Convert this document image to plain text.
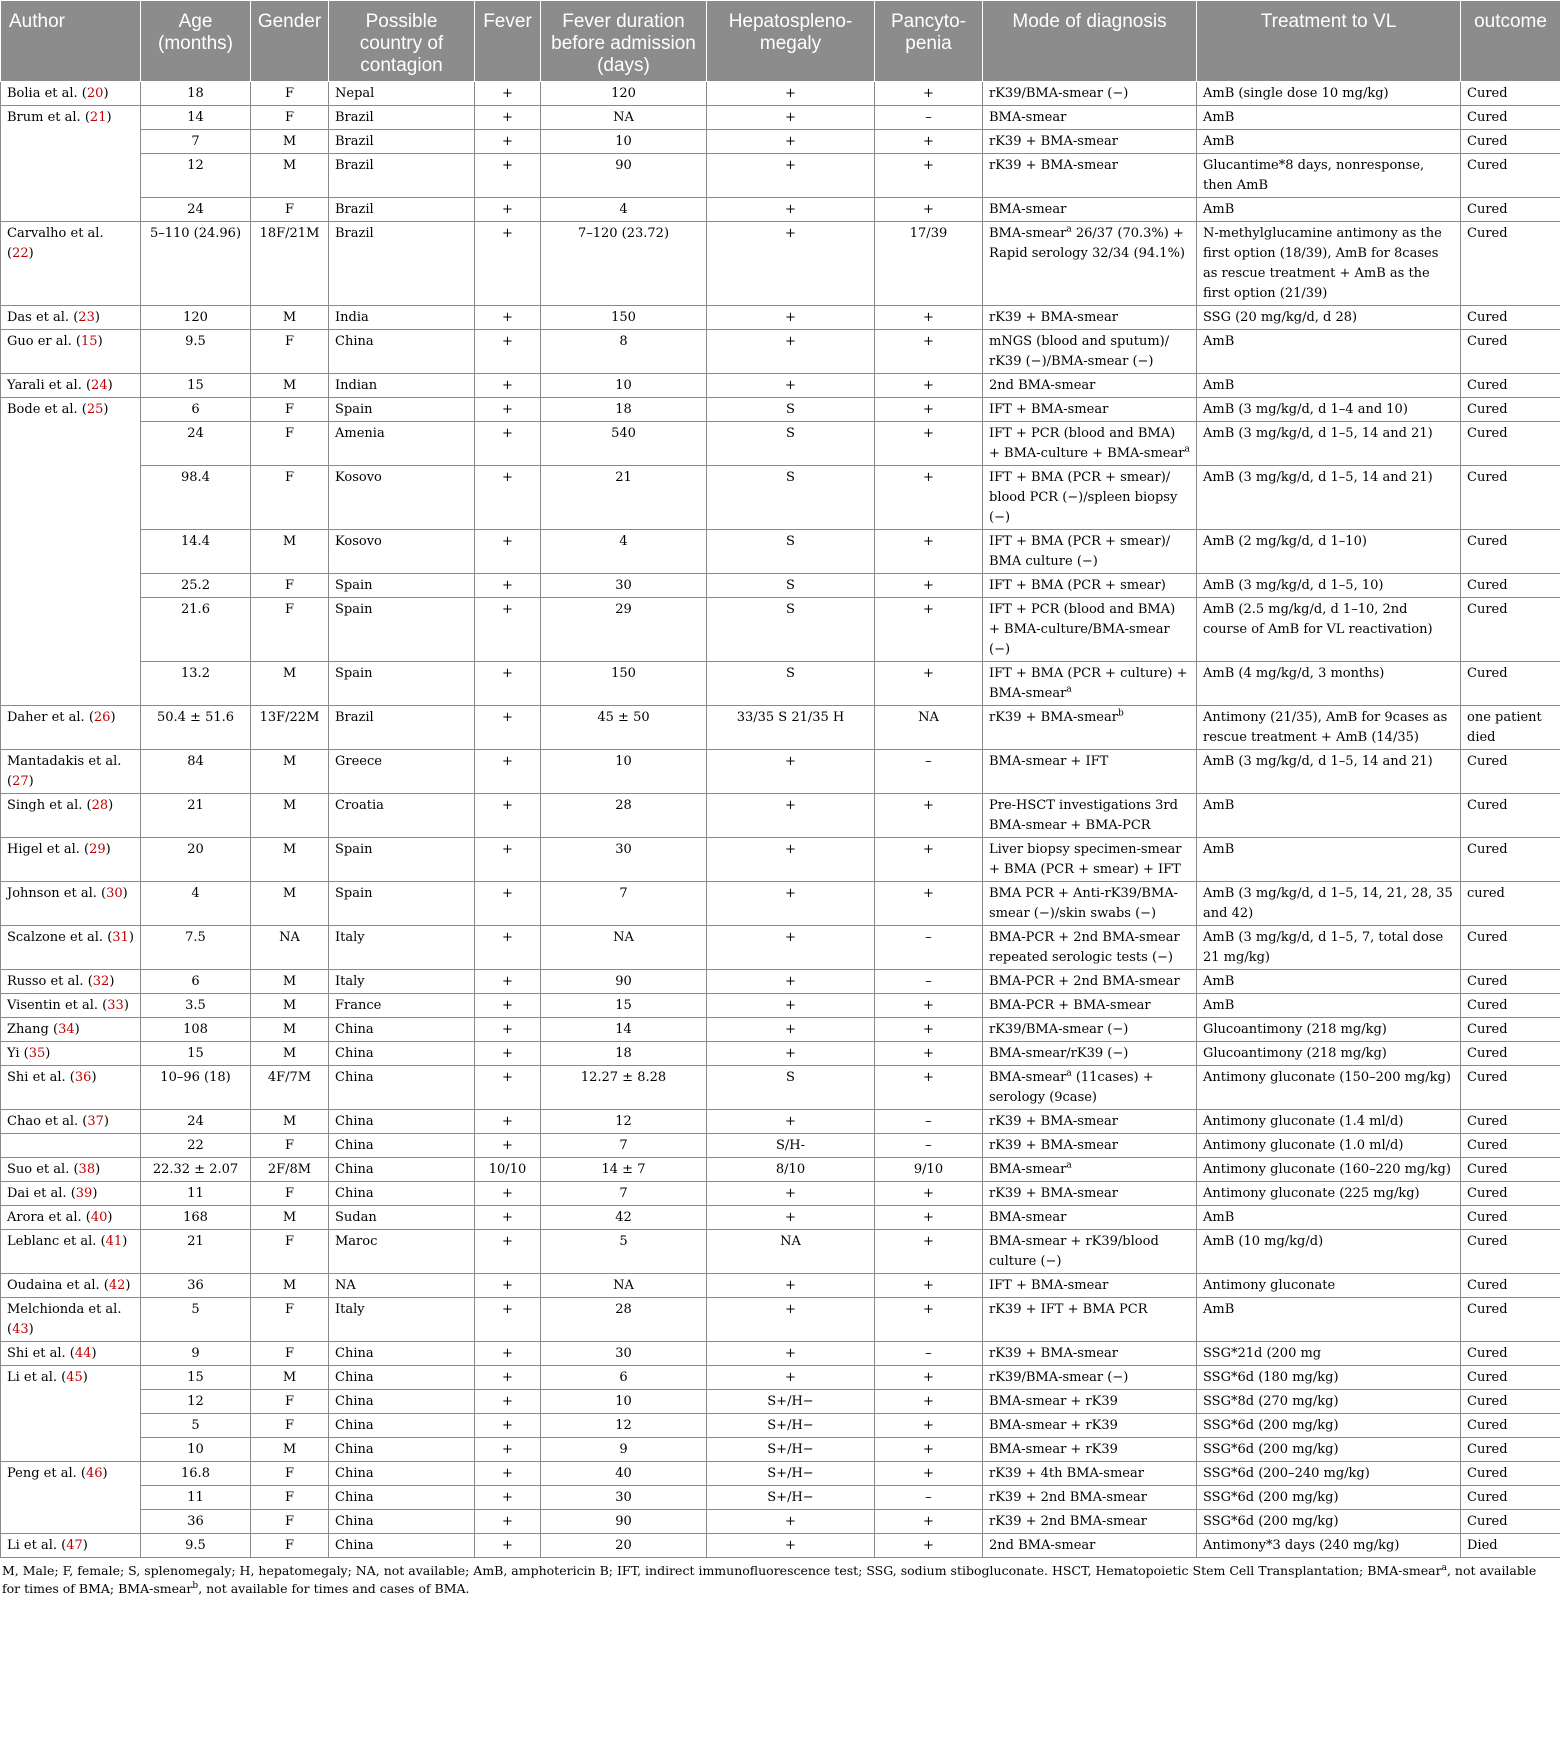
Author	Age (months)	Gender	Possible country of contagion	Fever	Fever duration before admission (days)	Hepatospleno-megaly	Pancyto-penia	Mode of diagnosis	Treatment to VL	outcome
Bolia et al. (20)	18	F	Nepal	+	120	+	+	rK39/BMA-smear (−)	AmB (single dose 10 mg/kg)	Cured
Brum et al. (21)	14	F	Brazil	+	NA	+	–	BMA-smear	AmB	Cured
	7	M	Brazil	+	10	+	+	rK39 + BMA-smear	AmB	Cured
	12	M	Brazil	+	90	+	+	rK39 + BMA-smear	Glucantime*8 days, nonresponse, then AmB	Cured
	24	F	Brazil	+	4	+	+	BMA-smear	AmB	Cured
Carvalho et al. (22)	5–110 (24.96)	18F/21M	Brazil	+	7–120 (23.72)	+	17/39	BMA-smear$^a$ 26/37 (70.3%) + Rapid serology 32/34 (94.1%)	N-methylglucamine antimony as the first option (18/39), AmB for 8cases as rescue treatment + AmB as the first option (21/39)	Cured
Das et al. (23)	120	M	India	+	150	+	+	rK39 + BMA-smear	SSG (20 mg/kg/d, d 28)	Cured
Guo er al. (15)	9.5	F	China	+	8	+	+	mNGS (blood and sputum)/ rK39 (−)/BMA-smear (−)	AmB	Cured
Yarali et al. (24)	15	M	Indian	+	10	+	+	2nd BMA-smear	AmB	Cured
Bode et al. (25)	6	F	Spain	+	18	S	+	IFT + BMA-smear	AmB (3 mg/kg/d, d 1–4 and 10)	Cured
	24	F	Amenia	+	540	S	+	IFT + PCR (blood and BMA) + BMA-culture + BMA-smear$^a$	AmB (3 mg/kg/d, d 1–5, 14 and 21)	Cured
	98.4	F	Kosovo	+	21	S	+	IFT + BMA (PCR + smear)/ blood PCR (−)/spleen biopsy (−)	AmB (3 mg/kg/d, d 1–5, 14 and 21)	Cured
	14.4	M	Kosovo	+	4	S	+	IFT + BMA (PCR + smear)/ BMA culture (−)	AmB (2 mg/kg/d, d 1–10)	Cured
	25.2	F	Spain	+	30	S	+	IFT + BMA (PCR + smear)	AmB (3 mg/kg/d, d 1–5, 10)	Cured
	21.6	F	Spain	+	29	S	+	IFT + PCR (blood and BMA) + BMA-culture/BMA-smear (−)	AmB (2.5 mg/kg/d, d 1–10, 2nd course of AmB for VL reactivation)	Cured
	13.2	M	Spain	+	150	S	+	IFT + BMA (PCR + culture) + BMA-smear$^a$	AmB (4 mg/kg/d, 3 months)	Cured
Daher et al. (26)	50.4 ± 51.6	13F/22M	Brazil	+	45 ± 50	33/35 S 21/35 H	NA	rK39 + BMA-smear$^b$	Antimony (21/35), AmB for 9cases as rescue treatment + AmB (14/35)	one patient died
Mantadakis et al. (27)	84	M	Greece	+	10	+	–	BMA-smear + IFT	AmB (3 mg/kg/d, d 1–5, 14 and 21)	Cured
Singh et al. (28)	21	M	Croatia	+	28	+	+	Pre-HSCT investigations 3rd BMA-smear + BMA-PCR	AmB	Cured
Higel et al. (29)	20	M	Spain	+	30	+	+	Liver biopsy specimen-smear + BMA (PCR + smear) + IFT	AmB	Cured
Johnson et al. (30)	4	M	Spain	+	7	+	+	BMA PCR + Anti-rK39/BMA-smear (−)/skin swabs (−)	AmB (3 mg/kg/d, d 1–5, 14, 21, 28, 35 and 42)	cured
Scalzone et al. (31)	7.5	NA	Italy	+	NA	+	–	BMA-PCR + 2nd BMA-smear repeated serologic tests (−)	AmB (3 mg/kg/d, d 1–5, 7, total dose 21 mg/kg)	Cured
Russo et al. (32)	6	M	Italy	+	90	+	–	BMA-PCR + 2nd BMA-smear	AmB	Cured
Visentin et al. (33)	3.5	M	France	+	15	+	+	BMA-PCR + BMA-smear	AmB	Cured
Zhang (34)	108	M	China	+	14	+	+	rK39/BMA-smear (−)	Glucoantimony (218 mg/kg)	Cured
Yi (35)	15	M	China	+	18	+	+	BMA-smear/rK39 (−)	Glucoantimony (218 mg/kg)	Cured
Shi et al. (36)	10–96 (18)	4F/7M	China	+	12.27 ± 8.28	S	+	BMA-smear$^a$ (11cases) + serology (9case)	Antimony gluconate (150–200 mg/kg)	Cured
Chao et al. (37)	24	M	China	+	12	+	–	rK39 + BMA-smear	Antimony gluconate (1.4 ml/d)	Cured
	22	F	China	+	7	S/H-	–	rK39 + BMA-smear	Antimony gluconate (1.0 ml/d)	Cured
Suo et al. (38)	22.32 ± 2.07	2F/8M	China	10/10	14 ± 7	8/10	9/10	BMA-smear$^a$	Antimony gluconate (160–220 mg/kg)	Cured
Dai et al. (39)	11	F	China	+	7	+	+	rK39 + BMA-smear	Antimony gluconate (225 mg/kg)	Cured
Arora et al. (40)	168	M	Sudan	+	42	+	+	BMA-smear	AmB	Cured
Leblanc et al. (41)	21	F	Maroc	+	5	NA	+	BMA-smear + rK39/blood culture (−)	AmB (10 mg/kg/d)	Cured
Oudaina et al. (42)	36	M	NA	+	NA	+	+	IFT + BMA-smear	Antimony gluconate	Cured
Melchionda et al. (43)	5	F	Italy	+	28	+	+	rK39 + IFT + BMA PCR	AmB	Cured
Shi et al. (44)	9	F	China	+	30	+	–	rK39 + BMA-smear	SSG*21d (200 mg	Cured
Li et al. (45)	15	M	China	+	6	+	+	rK39/BMA-smear (−)	SSG*6d (180 mg/kg)	Cured
	12	F	China	+	10	S+/H−	+	BMA-smear + rK39	SSG*8d (270 mg/kg)	Cured
	5	F	China	+	12	S+/H−	+	BMA-smear + rK39	SSG*6d (200 mg/kg)	Cured
	10	M	China	+	9	S+/H−	+	BMA-smear + rK39	SSG*6d (200 mg/kg)	Cured
Peng et al. (46)	16.8	F	China	+	40	S+/H−	+	rK39 + 4th BMA-smear	SSG*6d (200–240 mg/kg)	Cured
	11	F	China	+	30	S+/H−	–	rK39 + 2nd BMA-smear	SSG*6d (200 mg/kg)	Cured
	36	F	China	+	90	+	+	rK39 + 2nd BMA-smear	SSG*6d (200 mg/kg)	Cured
Li et al. (47)	9.5	F	China	+	20	+	+	2nd BMA-smear	Antimony*3 days (240 mg/kg)	Died
M, Male; F, female; S, splenomegaly; H, hepatomegaly; NA, not available; AmB, amphotericin B; IFT, indirect immunofluorescence test; SSG, sodium stibogluconate. HSCT, Hematopoietic Stem Cell Transplantation; BMA-smear$^a$, not available for times of BMA; BMA-smear$^b$, not available for times and cases of BMA.
